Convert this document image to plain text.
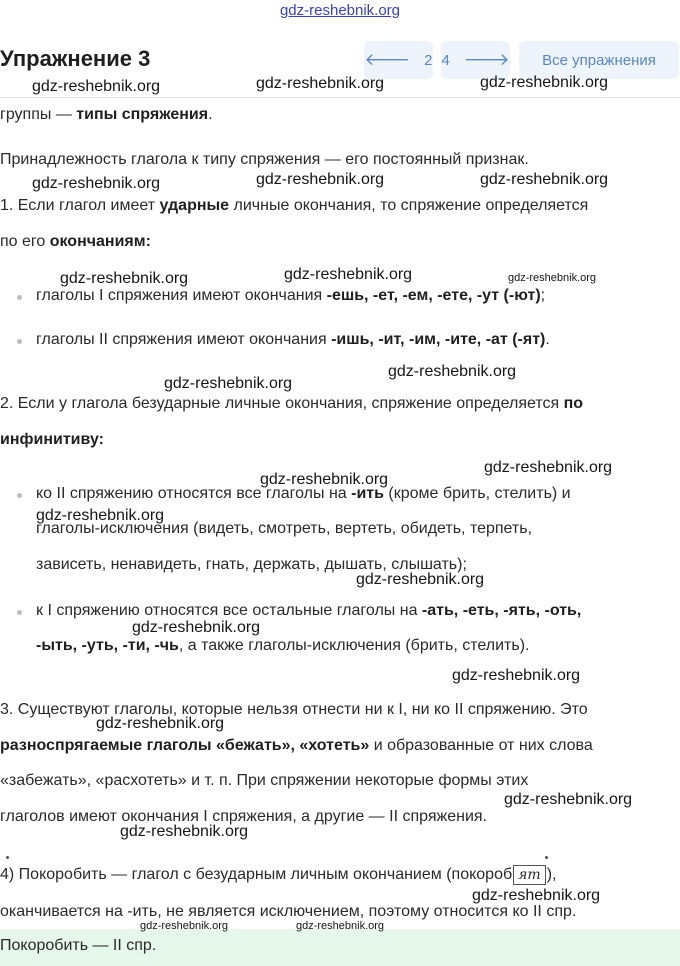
gdz-reshebnik.org
Упражнение 3	🡐 2 4 🡒 Все упражнения
группы — типы спряжения.
Принадлежность глагола к типу спряжения — его постоянный признак.
1. Если глагол имеет ударные личные окончания, то спряжение определяется
по его окончаниям:
глаголы I спряжения имеют окончания -ешь, -ет, -ем, -ете, -ут (-ют);
глаголы II спряжения имеют окончания -ишь, -ит, -им, -ите, -ат (-ят).
2. Если у глагола безударные личные окончания, спряжение определяется по
инфинитиву:
ко II спряжению относятся все глаголы на -ить (кроме брить, стелить) и
глаголы-исключения (видеть, смотреть, вертеть, обидеть, терпеть,
зависеть, ненавидеть, гнать, держать, дышать, слышать);
к I спряжению относятся все остальные глаголы на -ать, -еть, -ять, -оть,
-ыть, -уть, -ти, -чь, а также глаголы-исключения (брить, стелить).
3. Существуют глаголы, которые нельзя отнести ни к I, ни ко II спряжению. Это
разноспрягаемые глаголы «бежать», «хотеть» и образованные от них слова
«забежать», «расхотеть» и т. п. При спряжении некоторые формы этих
глаголов имеют окончания I спряжения, а другие — II спряжения.
4) Покоробить — глагол с безударным личным окончанием (покороб ят ),
оканчивается на -ить, не является исключением, поэтому относится ко II спр.
Покоробить — II спр.
gdz-reshebnik.org	gdz-reshebnik.org	gdz-reshebnik.org
gdz-reshebnik.org	gdz-reshebnik.org	gdz-reshebnik.org
gdz-reshebnik.org	gdz-reshebnik.org	gdz-reshebnik.org
gdz-reshebnik.org
gdz-reshebnik.org
gdz-reshebnik.org
gdz-reshebnik.org
gdz-reshebnik.org
gdz-reshebnik.org
gdz-reshebnik.org
gdz-reshebnik.org
gdz-reshebnik.org
gdz-reshebnik.org
gdz-reshebnik.org
gdz-reshebnik.org
gdz-reshebnik.org	gdz-reshebnik.org
